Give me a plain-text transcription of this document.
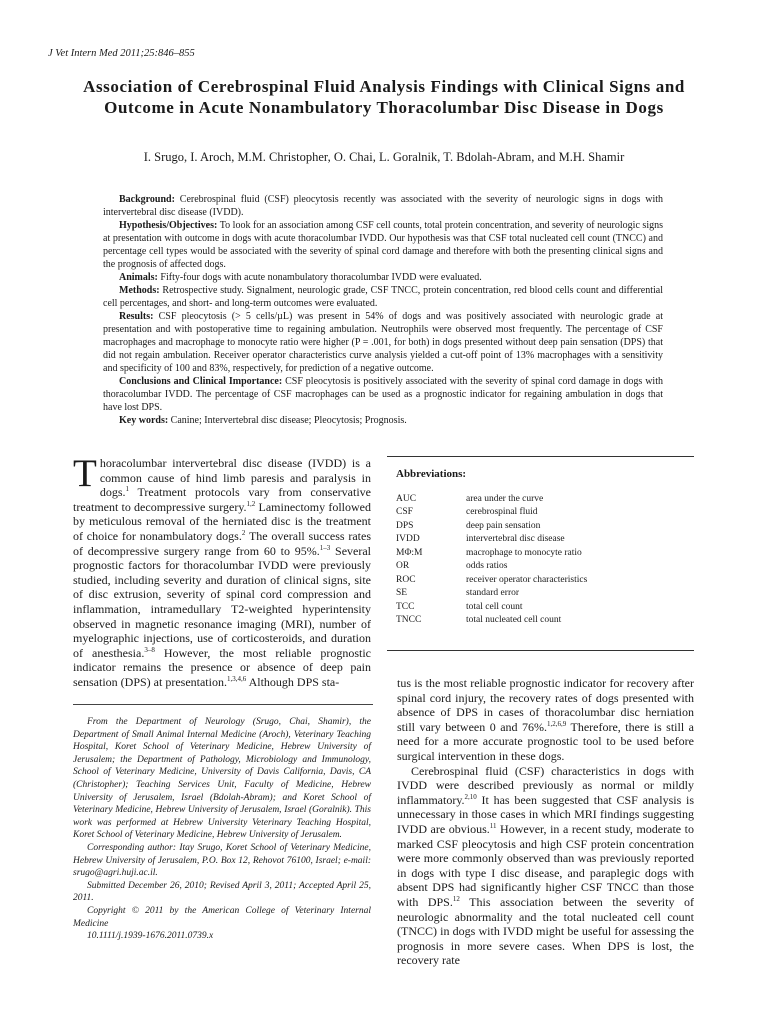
J Vet Intern Med 2011;25:846–855
Association of Cerebrospinal Fluid Analysis Findings with Clinical Signs and Outcome in Acute Nonambulatory Thoracolumbar Disc Disease in Dogs
I. Srugo, I. Aroch, M.M. Christopher, O. Chai, L. Goralnik, T. Bdolah-Abram, and M.H. Shamir

Background: Cerebrospinal fluid (CSF) pleocytosis recently was associated with the severity of neurologic signs in dogs with intervertebral disc disease (IVDD).

Hypothesis/Objectives: To look for an association among CSF cell counts, total protein concentration, and severity of neurologic signs at presentation with outcome in dogs with acute thoracolumbar IVDD. Our hypothesis was that CSF total nucleated cell count (TNCC) and percentage cell types would be associated with the severity of spinal cord damage and therefore with both the presenting clinical signs and the prognosis of affected dogs.

Animals: Fifty-four dogs with acute nonambulatory thoracolumbar IVDD were evaluated.

Methods: Retrospective study. Signalment, neurologic grade, CSF TNCC, protein concentration, red blood cells count and differential cell percentages, and short- and long-term outcomes were evaluated.

Results: CSF pleocytosis (> 5 cells/µL) was present in 54% of dogs and was positively associated with neurologic grade at presentation and with postoperative time to regaining ambulation. Neutrophils were observed most frequently. The percentage of CSF macrophages and macrophage to monocyte ratio were higher (P = .001, for both) in dogs presented without deep pain sensation (DPS) that did not regain ambulation. Receiver operator characteristics curve analysis yielded a cut-off point of 13% macrophages with a sensitivity and specificity of 100 and 83%, respectively, for prediction of a negative outcome.

Conclusions and Clinical Importance: CSF pleocytosis is positively associated with the severity of spinal cord damage in dogs with thoracolumbar IVDD. The percentage of CSF macrophages can be used as a prognostic indicator for regaining ambulation in dogs that have lost DPS.

Key words: Canine; Intervertebral disc disease; Pleocytosis; Prognosis.

Thoracolumbar intervertebral disc disease (IVDD) is a common cause of hind limb paresis and paralysis in dogs.$^1$ Treatment protocols vary from conservative treatment to decompressive surgery.$^{1,2}$ Laminectomy followed by meticulous removal of the herniated disc is the treatment of choice for nonambulatory dogs.$^2$ The overall success rates of decompressive surgery range from 60 to 95%.$^{1-3}$ Several prognostic factors for thoracolumbar IVDD were previously studied, including severity and duration of clinical signs, site of disc extrusion, severity of spinal cord compression and inflammation, intramedullary T2-weighted hyperintensity observed in magnetic resonance imaging (MRI), number of myelographic injections, use of corticosteroids, and duration of anesthesia.$^{3-8}$ However, the most reliable prognostic indicator remains the presence or absence of deep pain sensation (DPS) at presentation.$^{1,3,4,6}$ Although DPS sta-

From the Department of Neurology (Srugo, Chai, Shamir), the Department of Small Animal Internal Medicine (Aroch), Veterinary Teaching Hospital, Koret School of Veterinary Medicine, Hebrew University of Jerusalem; the Department of Pathology, Microbiology and Immunology, School of Veterinary Medicine, University of Davis California, Davis, CA (Christopher); Teaching Services Unit, Faculty of Medicine, Hebrew University of Jerusalem, Israel (Bdolah-Abram); and Koret School of Veterinary Medicine, Hebrew University of Jerusalem, Israel (Goralnik). This work was performed at Hebrew University Veterinary Teaching Hospital, Koret School of Veterinary Medicine, Hebrew University of Jerusalem.

Corresponding author: Itay Srugo, Koret School of Veterinary Medicine, Hebrew University of Jerusalem, P.O. Box 12, Rehovot 76100, Israel; e-mail: srugo@agri.huji.ac.il.

Submitted December 26, 2010; Revised April 3, 2011; Accepted April 25, 2011.

Copyright © 2011 by the American College of Veterinary Internal Medicine

10.1111/j.1939-1676.2011.0739.x

Abbreviations:
AUC	area under the curve
CSF	cerebrospinal fluid
DPS	deep pain sensation
IVDD	intervertebral disc disease
MΦ:M	macrophage to monocyte ratio
OR	odds ratios
ROC	receiver operator characteristics
SE	standard error
TCC	total cell count
TNCC	total nucleated cell count

tus is the most reliable prognostic indicator for recovery after spinal cord injury, the recovery rates of dogs presented with absence of DPS in cases of thoracolumbar disc herniation still vary between 0 and 76%.$^{1,2,6,9}$ Therefore, there is still a need for a more accurate prognostic tool to be used before surgical intervention in these dogs.

Cerebrospinal fluid (CSF) characteristics in dogs with IVDD were described previously as normal or mildly inflammatory.$^{2,10}$ It has been suggested that CSF analysis is unnecessary in those cases in which MRI findings suggesting IVDD are obvious.$^{11}$ However, in a recent study, moderate to marked CSF pleocytosis and high CSF protein concentration were more commonly observed than was previously reported in dogs with type I disc disease, and paraplegic dogs with absent DPS had significantly higher CSF TNCC than those with DPS.$^{12}$ This association between the severity of neurologic abnormality and the total nucleated cell count (TNCC) in dogs with IVDD might be useful for assessing the prognosis in more severe cases. When DPS is lost, the recovery rate
